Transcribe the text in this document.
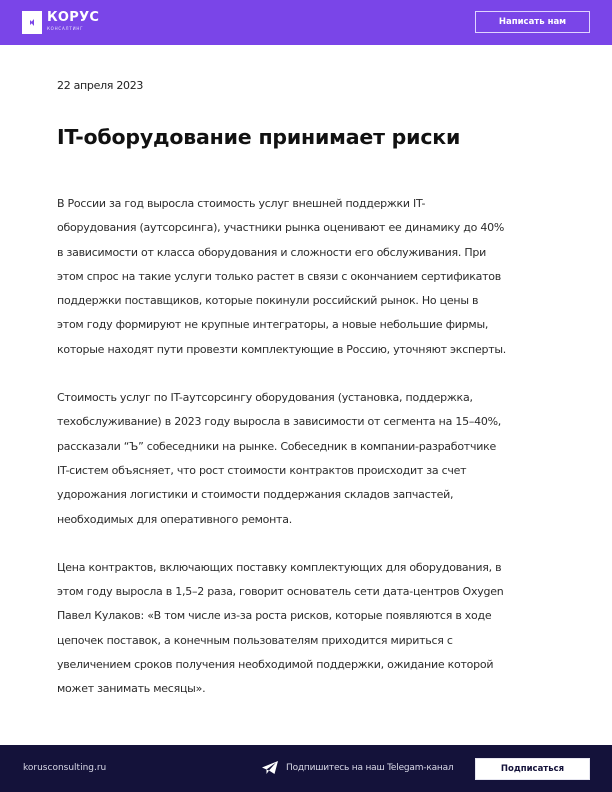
КОРУС
КОНСАЛТИНГ
Написать нам
22 апреля 2023
IT-оборудование принимает риски

В России за год выросла стоимость услуг внешней поддержки IT-
оборудования (аутсорсинга), участники рынка оценивают ее динамику до 40%
в зависимости от класса оборудования и сложности его обслуживания. При
этом спрос на такие услуги только растет в связи с окончанием сертификатов
поддержки поставщиков, которые покинули российский рынок. Но цены в
этом году формируют не крупные интеграторы, а новые небольшие фирмы,
которые находят пути провезти комплектующие в Россию, уточняют эксперты.

Стоимость услуг по IT-аутсорсингу оборудования (установка, поддержка,
техобслуживание) в 2023 году выросла в зависимости от сегмента на 15–40%,
рассказали “Ъ” собеседники на рынке. Собеседник в компании-разработчике
IT-систем объясняет, что рост стоимости контрактов происходит за счет
удорожания логистики и стоимости поддержания складов запчастей,
необходимых для оперативного ремонта.

Цена контрактов, включающих поставку комплектующих для оборудования, в
этом году выросла в 1,5–2 раза, говорит основатель сети дата-центров Oxygen
Павел Кулаков: «В том числе из-за роста рисков, которые появляются в ходе
цепочек поставок, а конечным пользователям приходится мириться с
увеличением сроков получения необходимой поддержки, ожидание которой
может занимать месяцы».

korusconsulting.ru	Подпишитесь на наш Telegam-канал	Подписаться
